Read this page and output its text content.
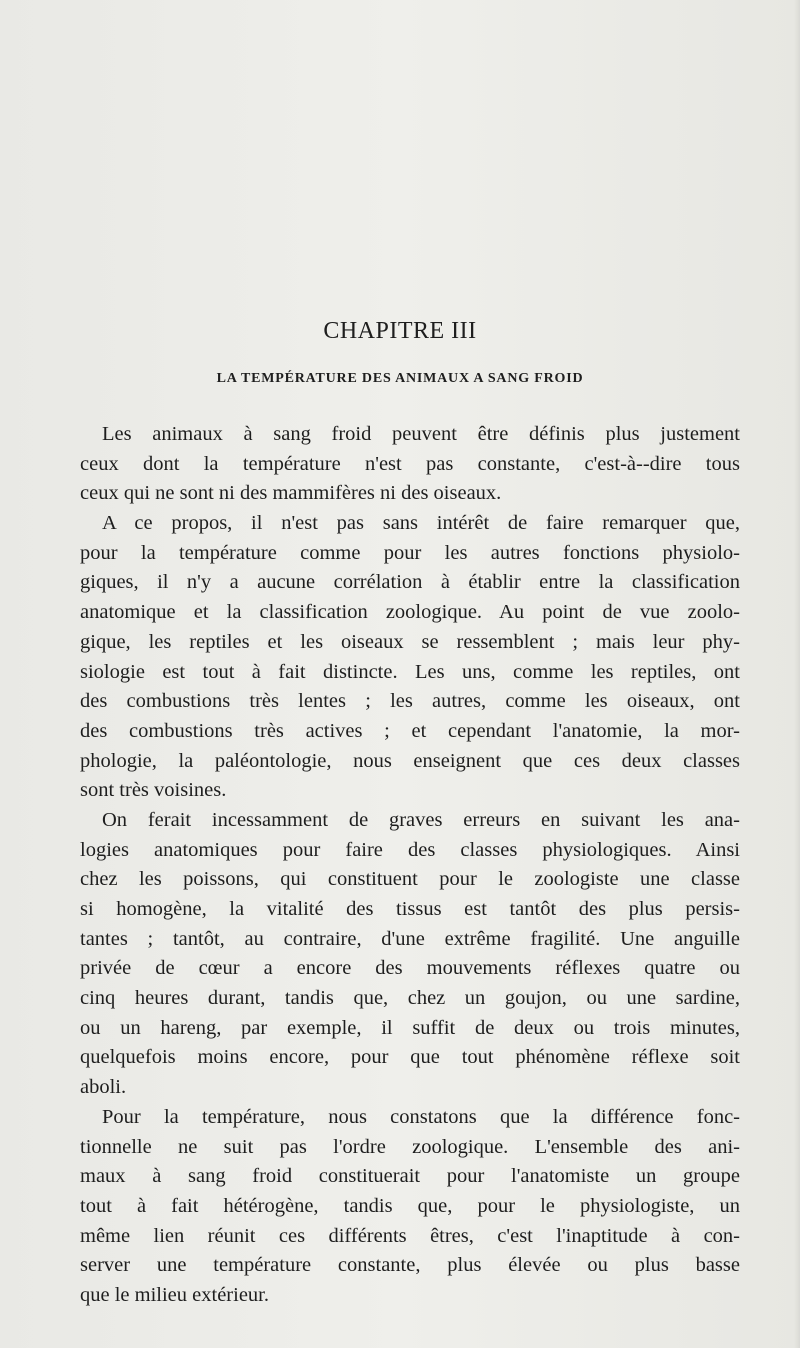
CHAPITRE III
LA TEMPÉRATURE DES ANIMAUX A SANG FROID
Les animaux à sang froid peuvent être définis plus justement
ceux dont la température n'est pas constante, c'est-à--dire tous
ceux qui ne sont ni des mammifères ni des oiseaux.
A ce propos, il n'est pas sans intérêt de faire remarquer que,
pour la température comme pour les autres fonctions physiolo-
giques, il n'y a aucune corrélation à établir entre la classification
anatomique et la classification zoologique. Au point de vue zoolo-
gique, les reptiles et les oiseaux se ressemblent ; mais leur phy-
siologie est tout à fait distincte. Les uns, comme les reptiles, ont
des combustions très lentes ; les autres, comme les oiseaux, ont
des combustions très actives ; et cependant l'anatomie, la mor-
phologie, la paléontologie, nous enseignent que ces deux classes
sont très voisines.
On ferait incessamment de graves erreurs en suivant les ana-
logies anatomiques pour faire des classes physiologiques. Ainsi
chez les poissons, qui constituent pour le zoologiste une classe
si homogène, la vitalité des tissus est tantôt des plus persis-
tantes ; tantôt, au contraire, d'une extrême fragilité. Une anguille
privée de cœur a encore des mouvements réflexes quatre ou
cinq heures durant, tandis que, chez un goujon, ou une sardine,
ou un hareng, par exemple, il suffit de deux ou trois minutes,
quelquefois moins encore, pour que tout phénomène réflexe soit
aboli.
Pour la température, nous constatons que la différence fonc-
tionnelle ne suit pas l'ordre zoologique. L'ensemble des ani-
maux à sang froid constituerait pour l'anatomiste un groupe
tout à fait hétérogène, tandis que, pour le physiologiste, un
même lien réunit ces différents êtres, c'est l'inaptitude à con-
server une température constante, plus élevée ou plus basse
que le milieu extérieur.
